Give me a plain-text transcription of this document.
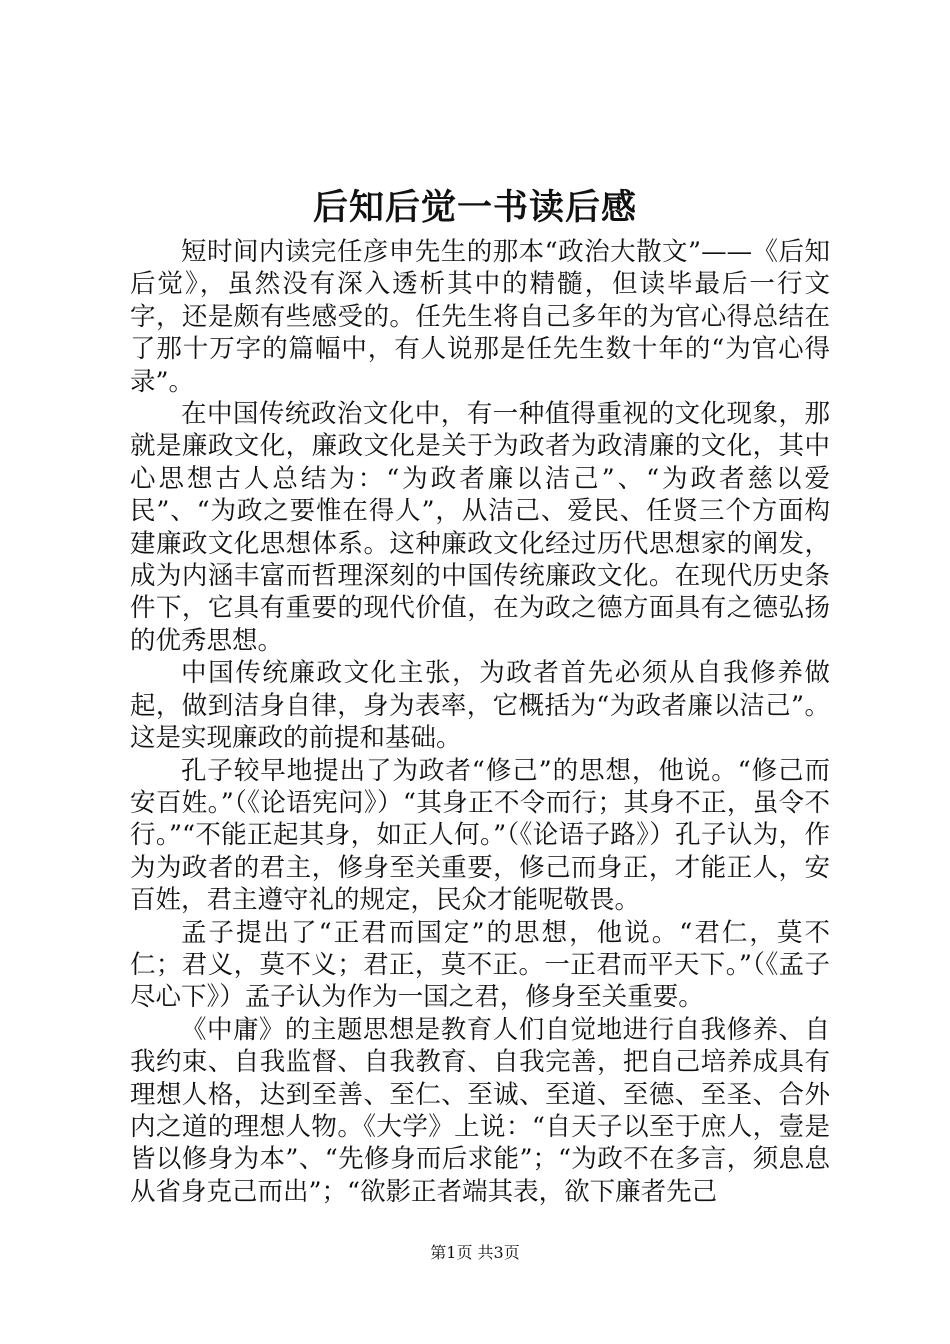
后知后觉一书读后感

短时间内读完任彦申先生的那本“政治大散文”——《后知后觉》，虽然没有深入透析其中的精髓，但读毕最后一行文字，还是颇有些感受的。任先生将自己多年的为官心得总结在了那十万字的篇幅中，有人说那是任先生数十年的“为官心得录”。

在中国传统政治文化中，有一种值得重视的文化现象，那就是廉政文化，廉政文化是关于为政者为政清廉的文化，其中心思想古人总结为：“为政者廉以洁己”、“为政者慈以爱民”、“为政之要惟在得人”，从洁己、爱民、任贤三个方面构建廉政文化思想体系。这种廉政文化经过历代思想家的阐发，成为内涵丰富而哲理深刻的中国传统廉政文化。在现代历史条件下，它具有重要的现代价值，在为政之德方面具有之德弘扬的优秀思想。

中国传统廉政文化主张，为政者首先必须从自我修养做起，做到洁身自律，身为表率，它概括为“为政者廉以洁己”。这是实现廉政的前提和基础。

孔子较早地提出了为政者“修己”的思想，他说。“修己而安百姓。”（《论语宪问》）“其身正不令而行；其身不正，虽令不行。”“不能正起其身，如正人何。”（《论语子路》）孔子认为，作为为政者的君主，修身至关重要，修己而身正，才能正人，安百姓，君主遵守礼的规定，民众才能呢敬畏。

孟子提出了“正君而国定”的思想，他说。“君仁，莫不仁；君义，莫不义；君正，莫不正。一正君而平天下。”（《孟子尽心下》）孟子认为作为一国之君，修身至关重要。

《中庸》的主题思想是教育人们自觉地进行自我修养、自我约束、自我监督、自我教育、自我完善，把自己培养成具有理想人格，达到至善、至仁、至诚、至道、至德、至圣、合外内之道的理想人物。《大学》上说：“自天子以至于庶人，壹是皆以修身为本”、“先修身而后求能”；“为政不在多言，须息息从省身克己而出”；“欲影正者端其表，欲下廉者先己

第1页 共3页
